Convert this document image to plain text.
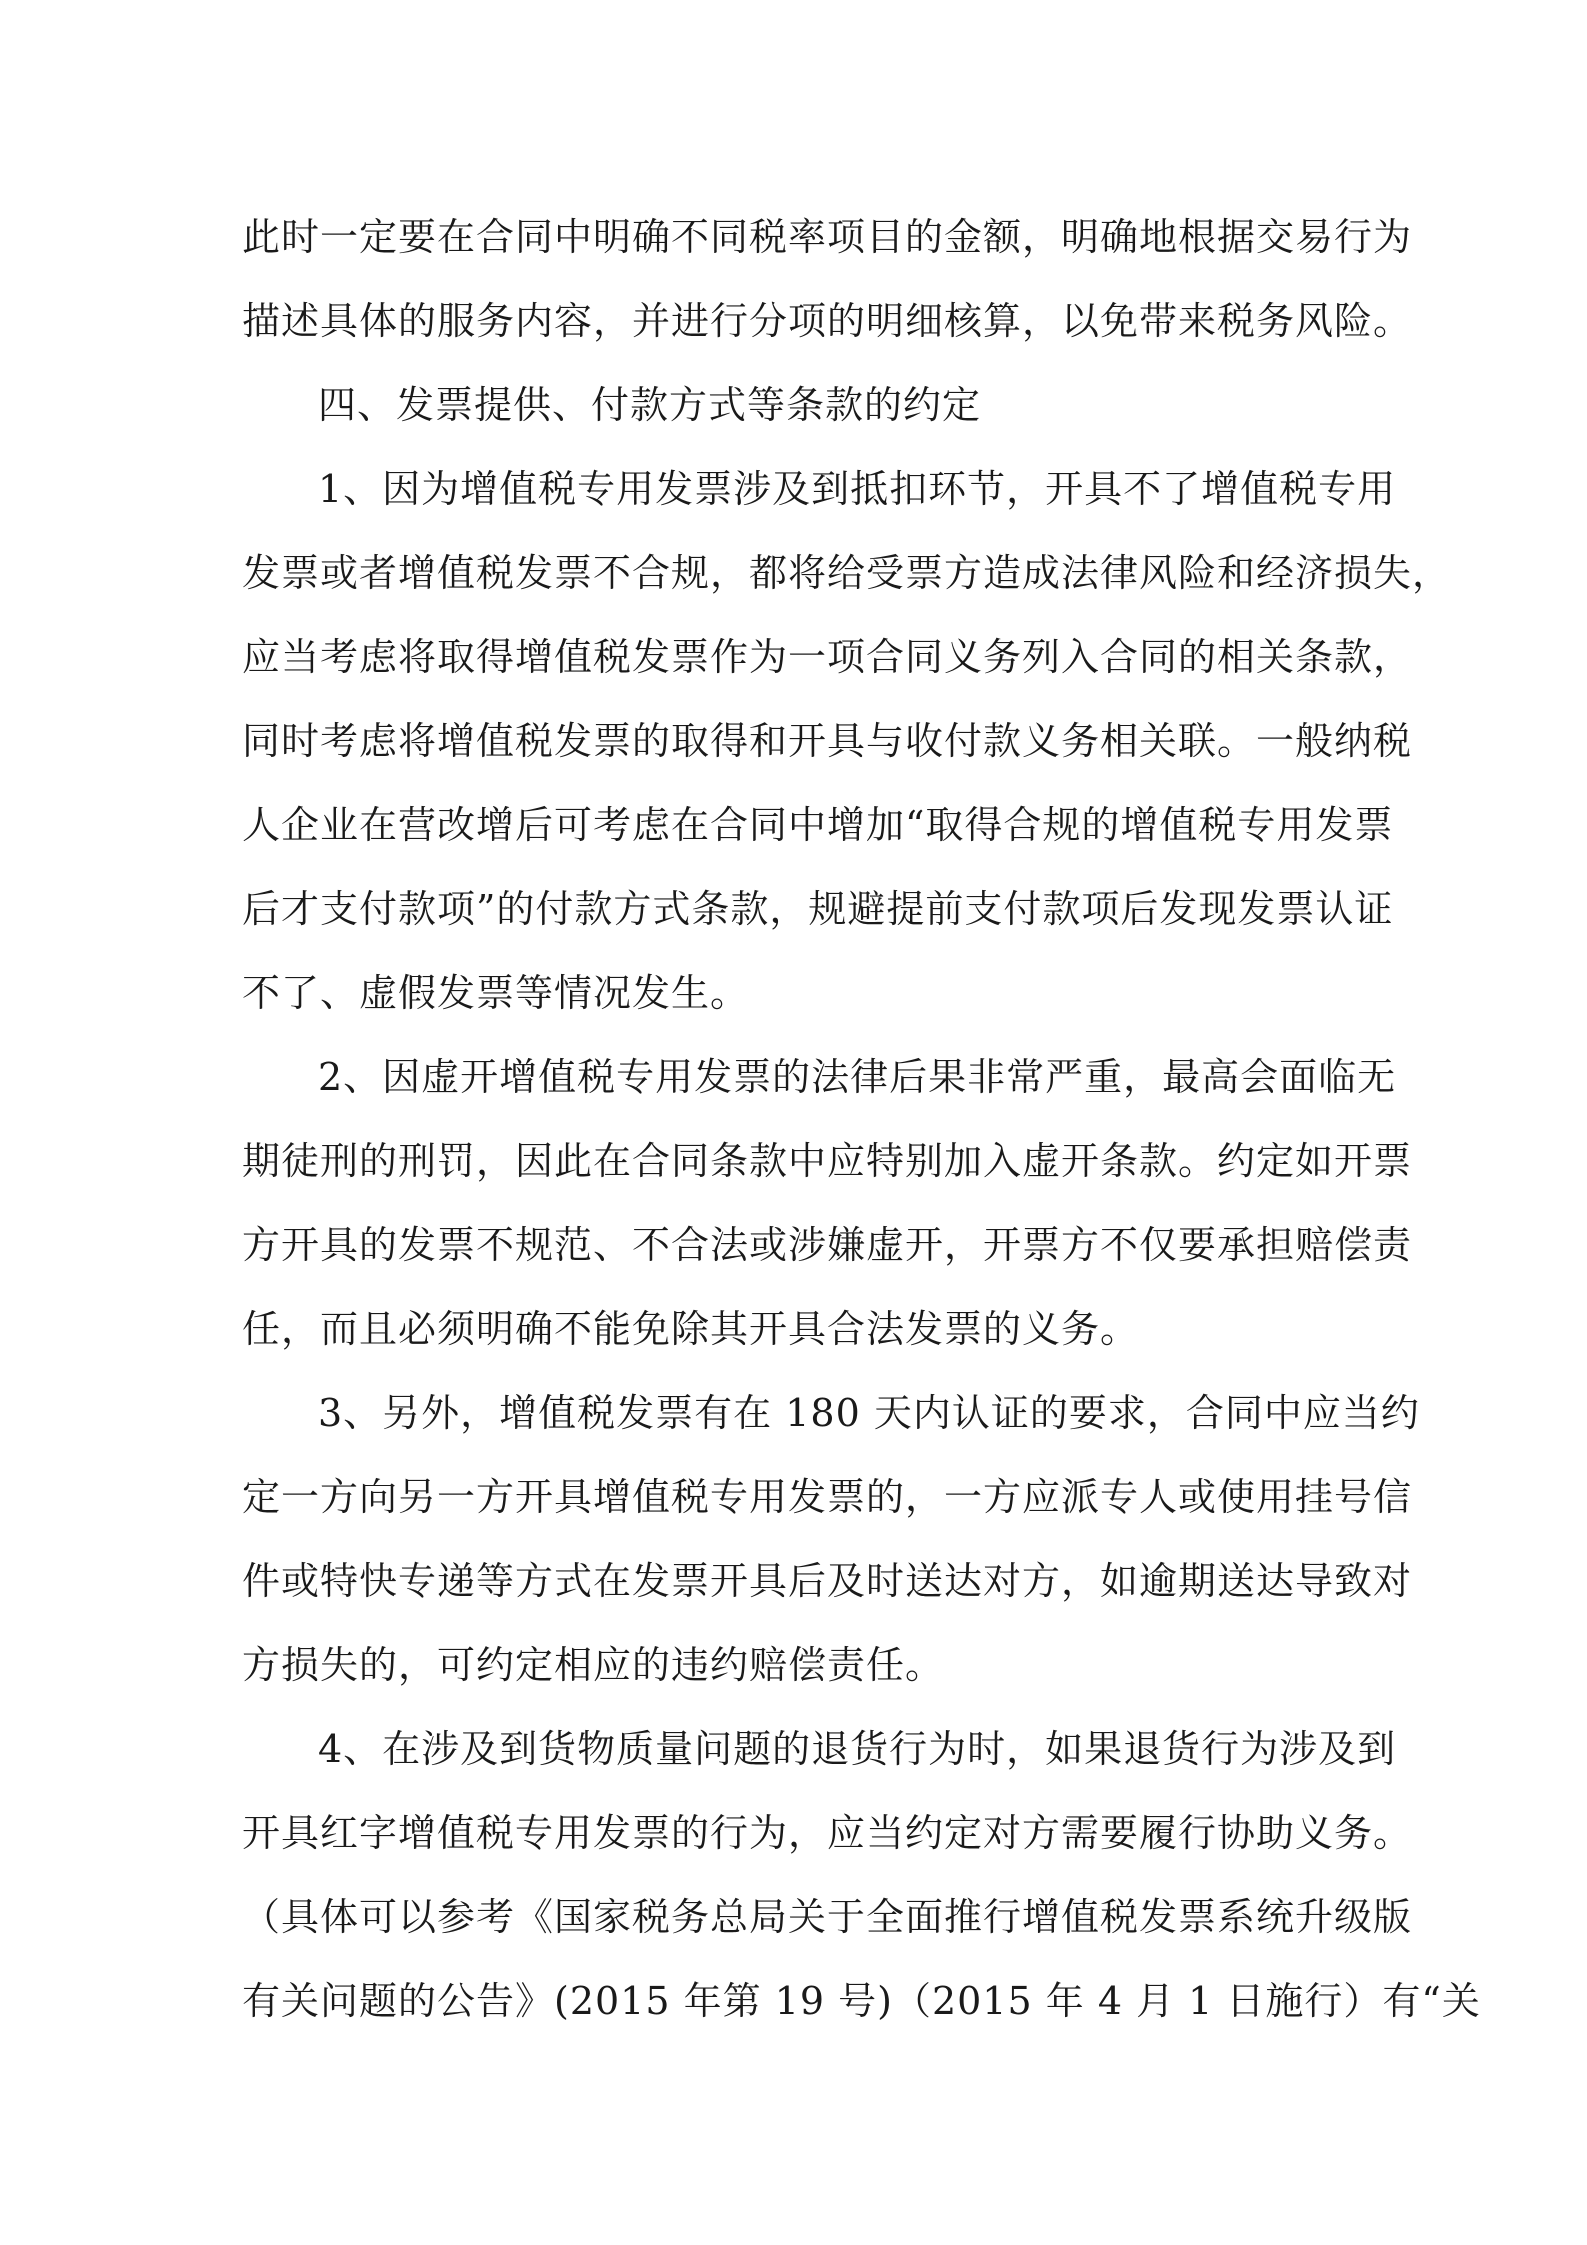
此时一定要在合同中明确不同税率项目的金额，明确地根据交易行为
描述具体的服务内容，并进行分项的明细核算，以免带来税务风险。
四、发票提供、付款方式等条款的约定
1、因为增值税专用发票涉及到抵扣环节，开具不了增值税专用
发票或者增值税发票不合规，都将给受票方造成法律风险和经济损失，
应当考虑将取得增值税发票作为一项合同义务列入合同的相关条款，
同时考虑将增值税发票的取得和开具与收付款义务相关联。一般纳税
人企业在营改增后可考虑在合同中增加“取得合规的增值税专用发票
后才支付款项”的付款方式条款，规避提前支付款项后发现发票认证
不了、虚假发票等情况发生。
2、因虚开增值税专用发票的法律后果非常严重，最高会面临无
期徒刑的刑罚，因此在合同条款中应特别加入虚开条款。约定如开票
方开具的发票不规范、不合法或涉嫌虚开，开票方不仅要承担赔偿责
任，而且必须明确不能免除其开具合法发票的义务。
3、另外，增值税发票有在 180 天内认证的要求，合同中应当约
定一方向另一方开具增值税专用发票的，一方应派专人或使用挂号信
件或特快专递等方式在发票开具后及时送达对方，如逾期送达导致对
方损失的，可约定相应的违约赔偿责任。
4、在涉及到货物质量问题的退货行为时，如果退货行为涉及到
开具红字增值税专用发票的行为，应当约定对方需要履行协助义务。
（具体可以参考《国家税务总局关于全面推行增值税发票系统升级版
有关问题的公告》(2015 年第 19 号)（2015 年 4 月 1 日施行）有“关
